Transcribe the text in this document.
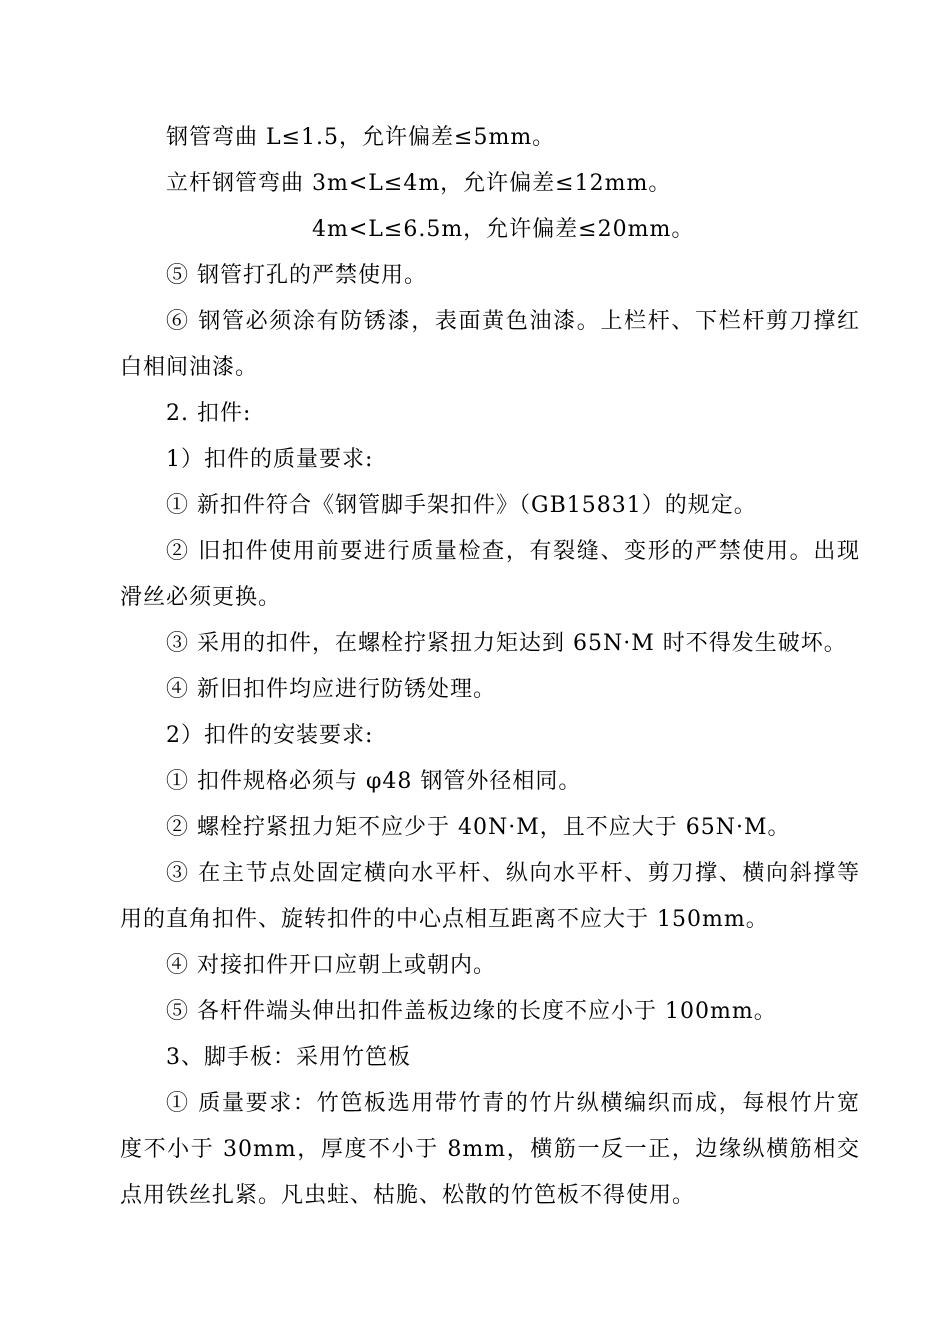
钢管弯曲 L≤1.5，允许偏差≤5mm。

立杆钢管弯曲 3m<L≤4m，允许偏差≤12mm。

4m<L≤6.5m，允许偏差≤20mm。

⑤ 钢管打孔的严禁使用。

⑥ 钢管必须涂有防锈漆，表面黄色油漆。上栏杆、下栏杆剪刀撑红白相间油漆。

2. 扣件:

1）扣件的质量要求:

① 新扣件符合《钢管脚手架扣件》（GB15831）的规定。

② 旧扣件使用前要进行质量检查，有裂缝、变形的严禁使用。出现滑丝必须更换。

③ 采用的扣件，在螺栓拧紧扭力矩达到 65N·M 时不得发生破坏。

④ 新旧扣件均应进行防锈处理。

2）扣件的安装要求:

① 扣件规格必须与 φ48 钢管外径相同。

② 螺栓拧紧扭力矩不应少于 40N·M，且不应大于 65N·M。

③ 在主节点处固定横向水平杆、纵向水平杆、剪刀撑、横向斜撑等用的直角扣件、旋转扣件的中心点相互距离不应大于 150mm。

④ 对接扣件开口应朝上或朝内。

⑤ 各杆件端头伸出扣件盖板边缘的长度不应小于 100mm。

3、脚手板：采用竹笆板

① 质量要求：竹笆板选用带竹青的竹片纵横编织而成，每根竹片宽度不小于 30mm，厚度不小于 8mm，横筋一反一正，边缘纵横筋相交点用铁丝扎紧。凡虫蛀、枯脆、松散的竹笆板不得使用。
